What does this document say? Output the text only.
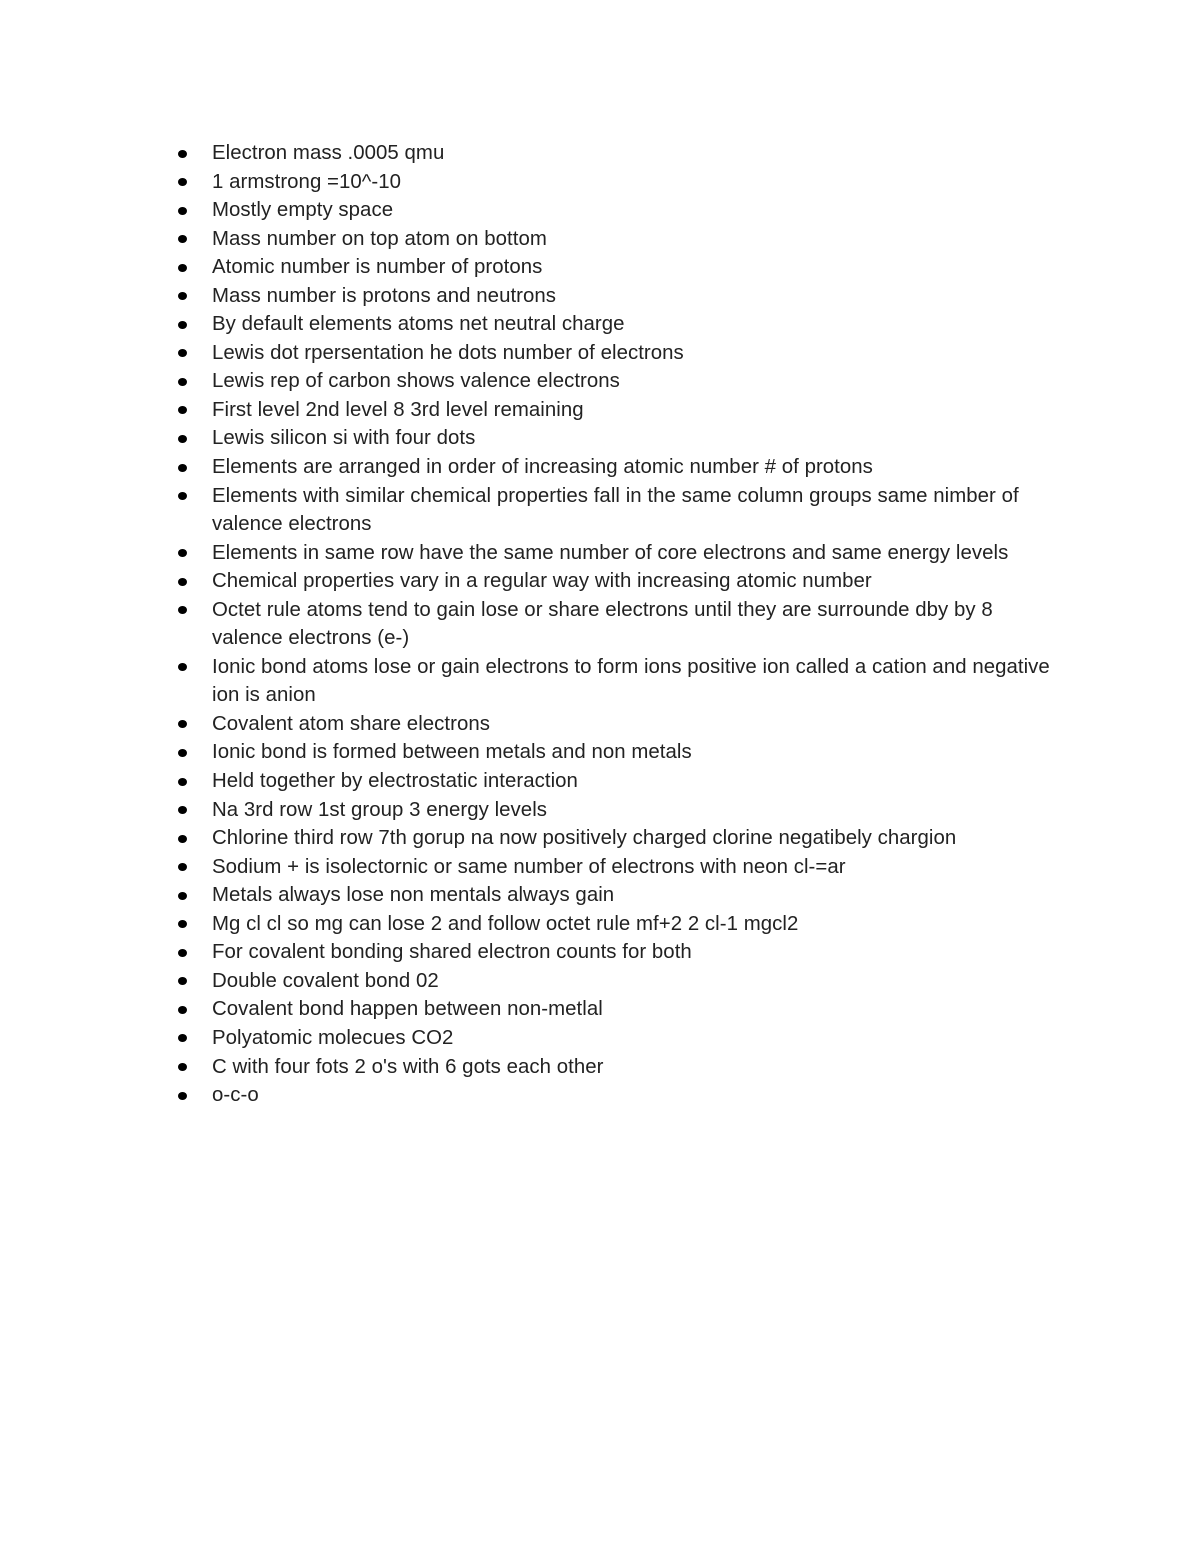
Electron mass .0005 qmu
1 armstrong =10^-10
Mostly empty space
Mass number on top atom on bottom
Atomic number is number of protons
Mass number is protons and neutrons
By default elements atoms net neutral charge
Lewis dot rpersentation he dots number of electrons
Lewis rep of carbon shows valence electrons
First level 2nd level 8 3rd level remaining
Lewis silicon si with four dots
Elements are arranged in order of increasing atomic number # of protons
Elements with similar chemical properties fall in the same column groups same nimber of valence electrons
Elements in same row have the same number of core electrons and same energy levels
Chemical properties vary in a regular way with increasing atomic number
Octet rule atoms tend to gain lose or share electrons until they are surrounde dby by 8 valence electrons (e-)
Ionic bond atoms lose or gain electrons to form ions positive ion called a cation and negative ion is anion
Covalent atom share electrons
Ionic bond is formed between metals and non metals
Held together by electrostatic interaction
Na 3rd row 1st group 3 energy levels
Chlorine third row 7th gorup na now positively charged clorine negatibely chargion
Sodium + is isolectornic or same number of electrons with neon cl-=ar
Metals always lose non mentals always gain
Mg cl cl so mg can lose 2 and follow octet rule mf+2 2 cl-1 mgcl2
For covalent bonding shared electron counts for both
Double covalent bond 02
Covalent bond happen between non-metlal
Polyatomic molecues CO2
C with four fots 2 o's with 6 gots each other
o-c-o
